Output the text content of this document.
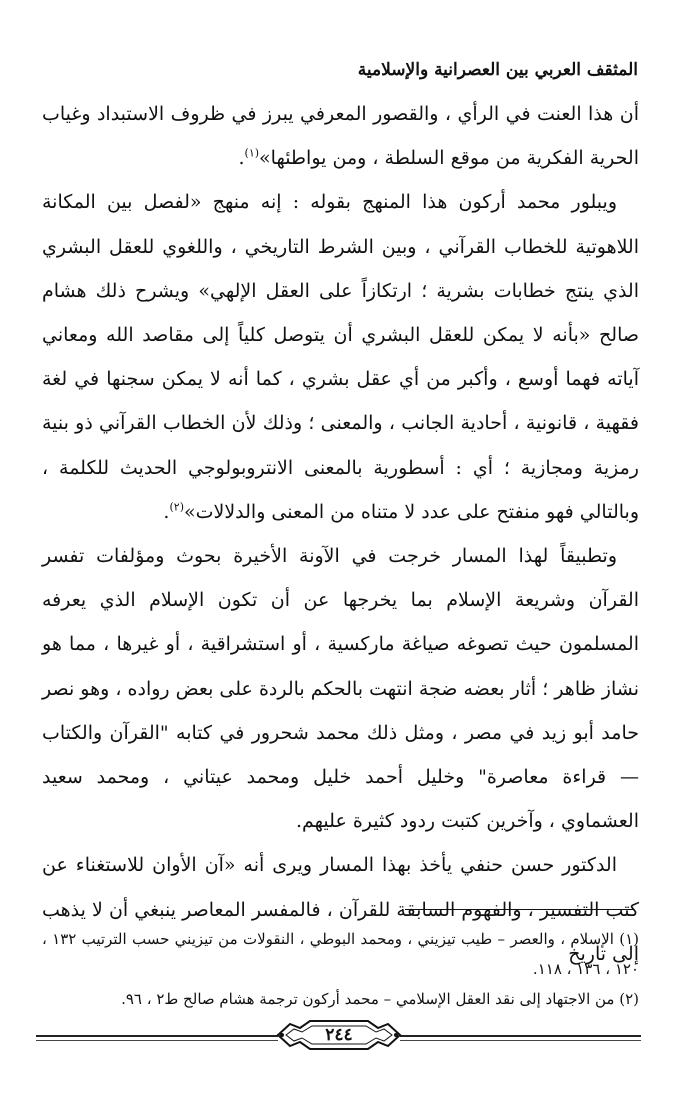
المثقف العربي بين العصرانية والإسلامية

أن هذا العنت في الرأي ، والقصور المعرفي يبرز في ظروف الاستبداد وغياب الحرية الفكرية من موقع السلطة ، ومن يواطئها»$^{(١)}$.

ويبلور محمد أركون هذا المنهج بقوله : إنه منهج «لفصل بين المكانة اللاهوتية للخطاب القرآني ، وبين الشرط التاريخي ، واللغوي للعقل البشري الذي ينتج خطابات بشرية ؛ ارتكازاً على العقل الإلهي» ويشرح ذلك هشام صالح «بأنه لا يمكن للعقل البشري أن يتوصل كلياً إلى مقاصد الله ومعاني آياته فهما أوسع ، وأكبر من أي عقل بشري ، كما أنه لا يمكن سجنها في لغة فقهية ، قانونية ، أحادية الجانب ، والمعنى ؛ وذلك لأن الخطاب القرآني ذو بنية رمزية ومجازية ؛ أي : أسطورية بالمعنى الانتروبولوجي الحديث للكلمة ، وبالتالي فهو منفتح على عدد لا متناه من المعنى والدلالات»$^{(٢)}$.

وتطبيقاً لهذا المسار خرجت في الآونة الأخيرة بحوث ومؤلفات تفسر القرآن وشريعة الإسلام بما يخرجها عن أن تكون الإسلام الذي يعرفه المسلمون حيث تصوغه صياغة ماركسية ، أو استشراقية ، أو غيرها ، مما هو نشاز ظاهر ؛ أثار بعضه ضجة انتهت بالحكم بالردة على بعض رواده ، وهو نصر حامد أبو زيد في مصر ، ومثل ذلك محمد شحرور في كتابه "القرآن والكتاب — قراءة معاصرة" وخليل أحمد خليل ومحمد عيتاني ، ومحمد سعيد العشماوي ، وآخرين كتبت ردود كثيرة عليهم.

الدكتور حسن حنفي يأخذ بهذا المسار ويرى أنه «آن الأوان للاستغناء عن كتب التفسير ، والفهوم السابقة للقرآن ، فالمفسر المعاصر ينبغي أن لا يذهب إلى تاريخ

(١) الإسلام ، والعصر – طيب تيزيني ، ومحمد البوطي ، النقولات من تيزيني حسب الترتيب ١٣٢ ، ١٢٠ ، ١٣٦ ، ١١٨.

(٢) من الاجتهاد إلى نقد العقل الإسلامي – محمد أركون ترجمة هشام صالح ط٢ ، ٩٦.

٢٤٤
